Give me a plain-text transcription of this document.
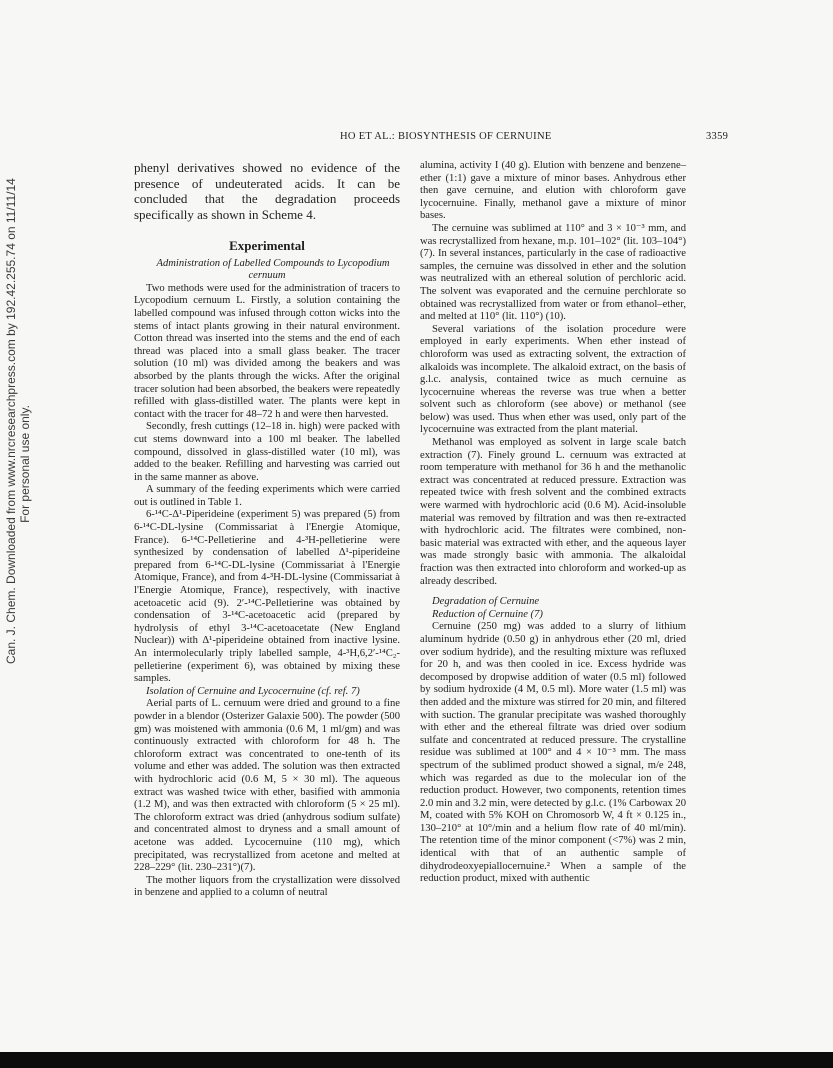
Can. J. Chem. Downloaded from www.nrcresearchpress.com by 192.42.255.74 on 11/11/14 For personal use only.
HO ET AL.: BIOSYNTHESIS OF CERNUINE	3359

phenyl derivatives showed no evidence of the presence of undeuterated acids. It can be concluded that the degradation proceeds specifically as shown in Scheme 4.

Experimental

Administration of Labelled Compounds to Lycopodium cernuum

Two methods were used for the administration of tracers to Lycopodium cernuum L. Firstly, a solution containing the labelled compound was infused through cotton wicks into the stems of intact plants growing in their natural environment. Cotton thread was inserted into the stems and the end of each thread was placed into a small glass beaker. The tracer solution (10 ml) was divided among the beakers and was absorbed by the plants through the wicks. After the original tracer solution had been absorbed, the beakers were repeatedly refilled with glass-distilled water. The plants were kept in contact with the tracer for 48–72 h and were then harvested.

Secondly, fresh cuttings (12–18 in. high) were packed with cut stems downward into a 100 ml beaker. The labelled compound, dissolved in glass-distilled water (10 ml), was added to the beaker. Refilling and harvesting was carried out in the same manner as above.

A summary of the feeding experiments which were carried out is outlined in Table 1.

6-¹⁴C-Δ¹-Piperideine (experiment 5) was prepared (5) from 6-¹⁴C-DL-lysine (Commissariat à l'Energie Atomique, France). 6-¹⁴C-Pelletierine and 4-³H-pelletierine were synthesized by condensation of labelled Δ¹-piperideine prepared from 6-¹⁴C-DL-lysine (Commissariat à l'Energie Atomique, France), and from 4-³H-DL-lysine (Commissariat à l'Energie Atomique, France), respectively, with inactive acetoacetic acid (9). 2′-¹⁴C-Pelletierine was obtained by condensation of 3-¹⁴C-acetoacetic acid (prepared by hydrolysis of ethyl 3-¹⁴C-acetoacetate (New England Nuclear)) with Δ¹-piperideine obtained from inactive lysine. An intermolecularly triply labelled sample, 4-³H,6,2′-¹⁴C₂-pelletierine (experiment 6), was obtained by mixing these samples.

Isolation of Cernuine and Lycocernuine (cf. ref. 7)

Aerial parts of L. cernuum were dried and ground to a fine powder in a blendor (Osterizer Galaxie 500). The powder (500 gm) was moistened with ammonia (0.6 M, 1 ml/gm) and was continuously extracted with chloroform for 48 h. The chloroform extract was concentrated to one-tenth of its volume and ether was added. The solution was then extracted with hydrochloric acid (0.6 M, 5 × 30 ml). The aqueous extract was washed twice with ether, basified with ammonia (1.2 M), and was then extracted with chloroform (5 × 25 ml). The chloroform extract was dried (anhydrous sodium sulfate) and concentrated almost to dryness and a small amount of acetone was added. Lycocernuine (110 mg), which precipitated, was recrystallized from acetone and melted at 228–229° (lit. 230–231°)(7).

The mother liquors from the crystallization were dissolved in benzene and applied to a column of neutral

alumina, activity I (40 g). Elution with benzene and benzene–ether (1:1) gave a mixture of minor bases. Anhydrous ether then gave cernuine, and elution with chloroform gave lycocernuine. Finally, methanol gave a mixture of minor bases.

The cernuine was sublimed at 110° and 3 × 10⁻³ mm, and was recrystallized from hexane, m.p. 101–102° (lit. 103–104°)(7). In several instances, particularly in the case of radioactive samples, the cernuine was dissolved in ether and the solution was neutralized with an ethereal solution of perchloric acid. The solvent was evaporated and the cernuine perchlorate so obtained was recrystallized from water or from ethanol–ether, and melted at 110° (lit. 110°) (10).

Several variations of the isolation procedure were employed in early experiments. When ether instead of chloroform was used as extracting solvent, the extraction of alkaloids was incomplete. The alkaloid extract, on the basis of g.l.c. analysis, contained twice as much cernuine as lycocernuine whereas the reverse was true when a better solvent such as chloroform (see above) or methanol (see below) was used. Thus when ether was used, only part of the lycocernuine was extracted from the plant material.

Methanol was employed as solvent in large scale batch extraction (7). Finely ground L. cernuum was extracted at room temperature with methanol for 36 h and the methanolic extract was concentrated at reduced pressure. Extraction was repeated twice with fresh solvent and the combined extracts were warmed with hydrochloric acid (0.6 M). Acid-insoluble material was removed by filtration and was then re-extracted with hydrochloric acid. The filtrates were combined, non-basic material was extracted with ether, and the aqueous layer was made strongly basic with ammonia. The alkaloidal fraction was then extracted into chloroform and worked-up as already described.

Degradation of Cernuine

Reduction of Cernuine (7)

Cernuine (250 mg) was added to a slurry of lithium aluminum hydride (0.50 g) in anhydrous ether (20 ml, dried over sodium hydride), and the resulting mixture was refluxed for 20 h, and was then cooled in ice. Excess hydride was decomposed by dropwise addition of water (0.5 ml) followed by sodium hydroxide (4 M, 0.5 ml). More water (1.5 ml) was then added and the mixture was stirred for 20 min, and filtered with suction. The granular precipitate was washed thoroughly with ether and the ethereal filtrate was dried over sodium sulfate and concentrated at reduced pressure. The crystalline residue was sublimed at 100° and 4 × 10⁻³ mm. The mass spectrum of the sublimed product showed a signal, m/e 248, which was regarded as due to the molecular ion of the reduction product. However, two components, retention times 2.0 min and 3.2 min, were detected by g.l.c. (1% Carbowax 20 M, coated with 5% KOH on Chromosorb W, 4 ft × 0.125 in., 130–210° at 10°/min and a helium flow rate of 40 ml/min). The retention time of the minor component (<7%) was 2 min, identical with that of an authentic sample of dihydrodeoxyepiallocernuine.² When a sample of the reduction product, mixed with authentic
